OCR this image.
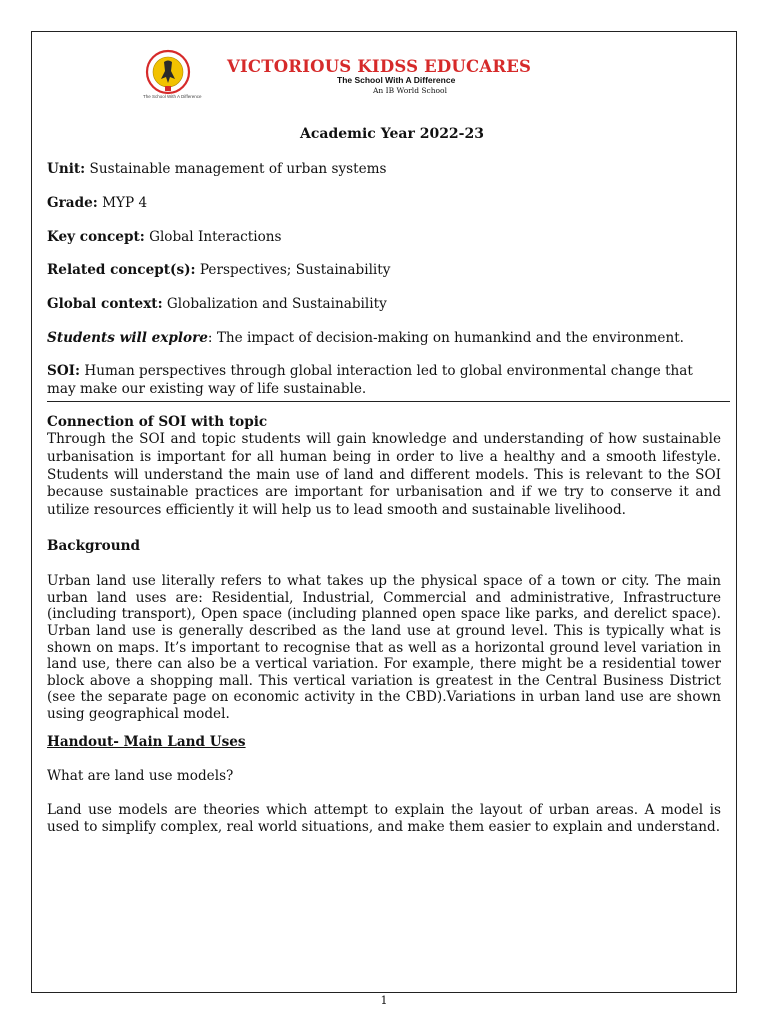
The School With A Difference
VICTORIOUS KIDSS EDUCARES
The School With A Difference
An IB World School
Academic Year 2022-23

Unit: Sustainable management of urban systems

Grade: MYP 4

Key concept: Global Interactions

Related concept(s): Perspectives; Sustainability

Global context: Globalization and Sustainability

Students will explore: The impact of decision-making on humankind and the environment.

SOI: Human perspectives through global interaction led to global environmental change that may make our existing way of life sustainable.

Connection of SOI with topic

Through the SOI and topic students will gain knowledge and understanding of how sustainable urbanisation is important for all human being in order to live a healthy and a smooth lifestyle. Students will understand the main use of land and different models. This is relevant to the SOI because sustainable practices are important for urbanisation and if we try to conserve it and utilize resources efficiently it will help us to lead smooth and sustainable livelihood.

Background

Urban land use literally refers to what takes up the physical space of a town or city. The main urban land uses are: Residential, Industrial, Commercial and administrative, Infrastructure (including transport), Open space (including planned open space like parks, and derelict space). Urban land use is generally described as the land use at ground level. This is typically what is shown on maps. It’s important to recognise that as well as a horizontal ground level variation in land use, there can also be a vertical variation. For example, there might be a residential tower block above a shopping mall. This vertical variation is greatest in the Central Business District (see the separate page on economic activity in the CBD).Variations in urban land use are shown using geographical model.

Handout- Main Land Uses

What are land use models?

Land use models are theories which attempt to explain the layout of urban areas. A model is used to simplify complex, real world situations, and make them easier to explain and understand.

1
